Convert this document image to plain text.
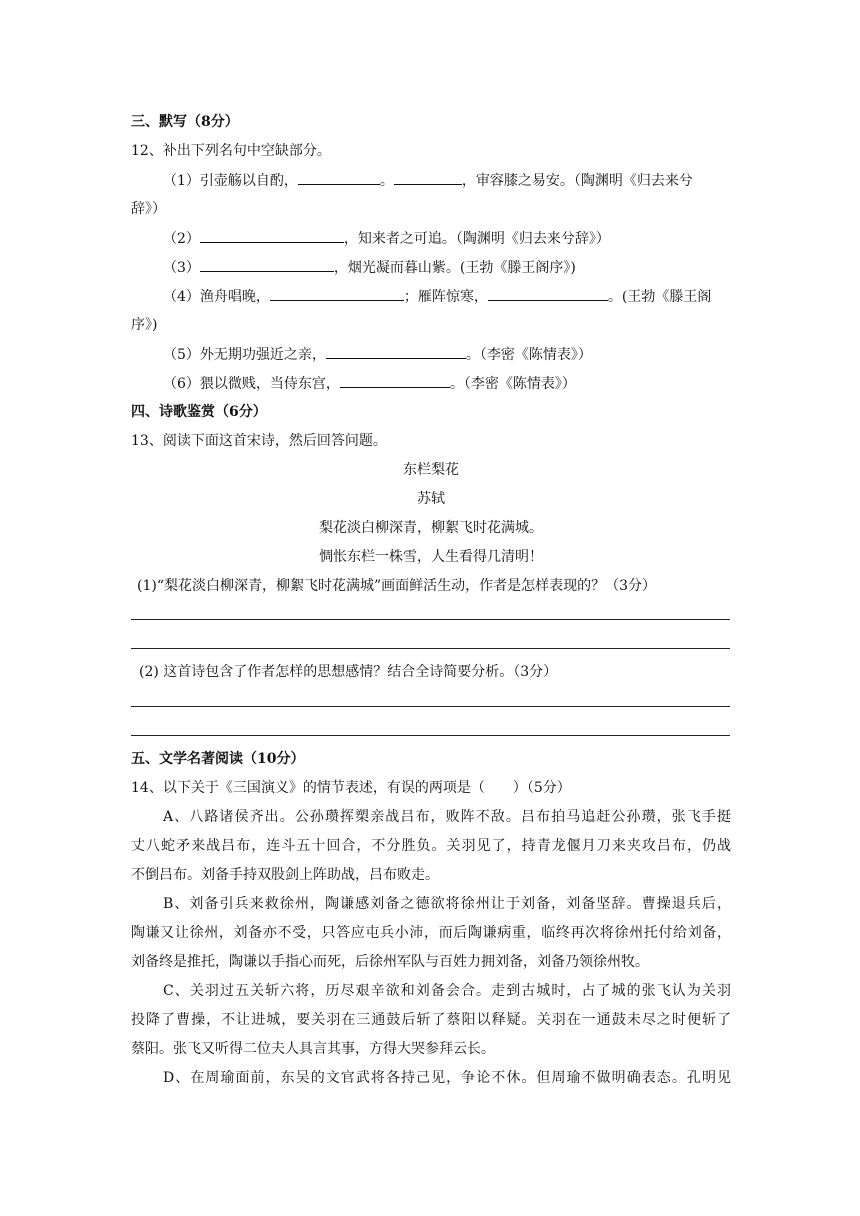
三、默写（8分）
12、补出下列名句中空缺部分。
（1）引壶觞以自酌，	。	，审容膝之易安。（陶渊明《归去来兮
辞》）
（2）	，知来者之可追。（陶渊明《归去来兮辞》）
（3）	，烟光凝而暮山紫。(王勃《滕王阁序》)
（4）渔舟唱晚，	；雁阵惊寒，	。(王勃《滕王阁
序》)
（5）外无期功强近之亲，	。（李密《陈情表》）
（6）猥以微贱，当侍东宫，	。（李密《陈情表》）
四、诗歌鉴赏（6分）
13、阅读下面这首宋诗，然后回答问题。
东栏梨花
苏轼
梨花淡白柳深青，柳絮飞时花满城。
惆怅东栏一株雪，人生看得几清明！
(1)“梨花淡白柳深青，柳絮飞时花满城”画面鲜活生动，作者是怎样表现的？（3分）
(2) 这首诗包含了作者怎样的思想感情？结合全诗简要分析。（3分）
五、文学名著阅读（10分）
14、以下关于《三国演义》的情节表述，有误的两项是（　　）（5分）
A、八路诸侯齐出。公孙瓒挥槊亲战吕布，败阵不敌。吕布拍马追赶公孙瓒，张飞手挺
丈八蛇矛来战吕布，连斗五十回合，不分胜负。关羽见了，持青龙偃月刀来夹攻吕布，仍战
不倒吕布。刘备手持双股剑上阵助战，吕布败走。
B、刘备引兵来救徐州，陶谦感刘备之德欲将徐州让于刘备，刘备坚辞。曹操退兵后，
陶谦又让徐州，刘备亦不受，只答应屯兵小沛，而后陶谦病重，临终再次将徐州托付给刘备，
刘备终是推托，陶谦以手指心而死，后徐州军队与百姓力拥刘备，刘备乃领徐州牧。
C、关羽过五关斩六将，历尽艰辛欲和刘备会合。走到古城时，占了城的张飞认为关羽
投降了曹操，不让进城，要关羽在三通鼓后斩了蔡阳以释疑。关羽在一通鼓未尽之时便斩了
蔡阳。张飞又听得二位夫人具言其事，方得大哭参拜云长。
D、在周瑜面前，东吴的文官武将各持己见，争论不休。但周瑜不做明确表态。孔明见
